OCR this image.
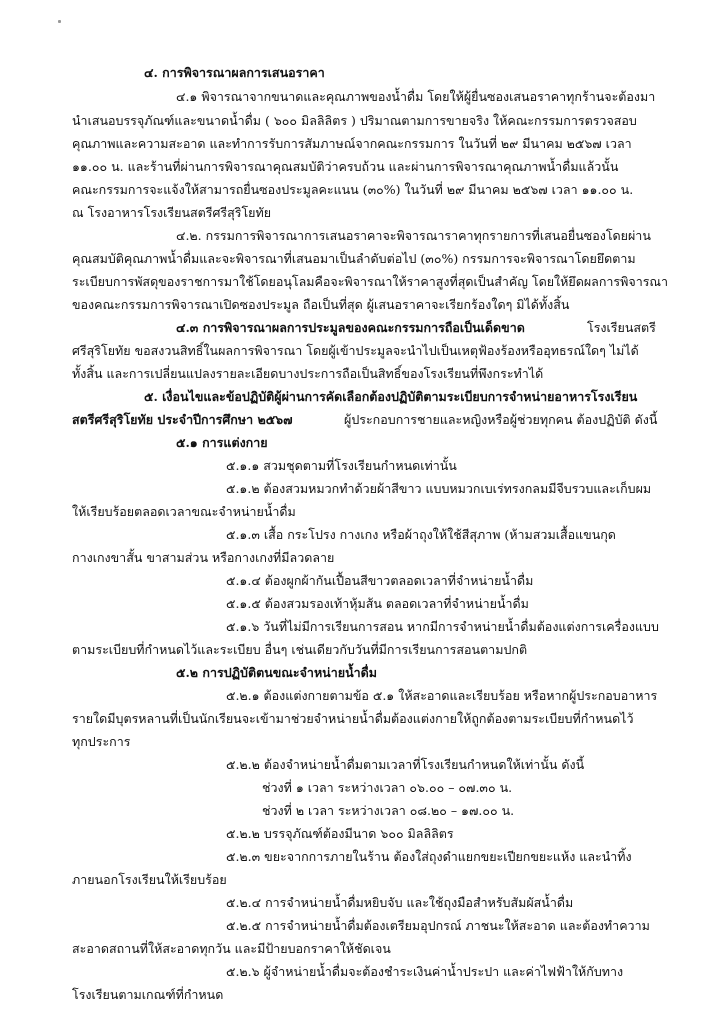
๔. การพิจารณาผลการเสนอราคา
๔.๑ พิจารณาจากขนาดและคุณภาพของน้ำดื่ม โดยให้ผู้ยื่นซองเสนอราคาทุกร้านจะต้องมา
นำเสนอบรรจุภัณฑ์และขนาดน้ำดื่ม ( ๖๐๐ มิลลิลิตร ) ปริมาณตามการขายจริง ให้คณะกรรมการตรวจสอบ
คุณภาพและความสะอาด และทำการรับการสัมภาษณ์จากคณะกรรมการ ในวันที่ ๒๙ มีนาคม ๒๕๖๗ เวลา
๑๑.๐๐ น. และร้านที่ผ่านการพิจารณาคุณสมบัติว่าครบถ้วน และผ่านการพิจารณาคุณภาพน้ำดื่มแล้วนั้น
คณะกรรมการจะแจ้งให้สามารถยื่นซองประมูลคะแนน (๓๐%) ในวันที่ ๒๙ มีนาคม ๒๕๖๗ เวลา ๑๑.๐๐ น.
ณ โรงอาหารโรงเรียนสตรีศรีสุริโยทัย
๔.๒. กรรมการพิจารณาการเสนอราคาจะพิจารณาราคาทุกรายการที่เสนอยื่นซองโดยผ่าน
คุณสมบัติคุณภาพน้ำดื่มและจะพิจารณาที่เสนอมาเป็นลำดับต่อไป (๓๐%) กรรมการจะพิจารณาโดยยึดตาม
ระเบียบการพัสดุของราชการมาใช้โดยอนุโลมคือจะพิจารณาให้ราคาสูงที่สุดเป็นสำคัญ โดยให้ยึดผลการพิจารณา
ของคณะกรรมการพิจารณาเปิดซองประมูล ถือเป็นที่สุด ผู้เสนอราคาจะเรียกร้องใดๆ มิได้ทั้งสิ้น
๔.๓ การพิจารณาผลการประมูลของคณะกรรมการถือเป็นเด็ดขาด	โรงเรียนสตรี
ศรีสุริโยทัย ขอสงวนสิทธิ์ในผลการพิจารณา โดยผู้เข้าประมูลจะนำไปเป็นเหตุฟ้องร้องหรืออุทธรณ์ใดๆ ไม่ได้
ทั้งสิ้น และการเปลี่ยนแปลงรายละเอียดบางประการถือเป็นสิทธิ์ของโรงเรียนที่พึงกระทำได้
๕. เงื่อนไขและข้อปฏิบัติผู้ผ่านการคัดเลือกต้องปฏิบัติตามระเบียบการจำหน่ายอาหารโรงเรียน
สตรีศรีสุริโยทัย ประจำปีการศึกษา ๒๕๖๗	ผู้ประกอบการชายและหญิงหรือผู้ช่วยทุกคน ต้องปฏิบัติ ดังนี้
๕.๑ การแต่งกาย
๕.๑.๑ สวมชุดตามที่โรงเรียนกำหนดเท่านั้น
๕.๑.๒ ต้องสวมหมวกทำด้วยผ้าสีขาว แบบหมวกเบเร่ทรงกลมมีจีบรวบและเก็บผม
ให้เรียบร้อยตลอดเวลาขณะจำหน่ายน้ำดื่ม
๕.๑.๓ เสื้อ กระโปรง กางเกง หรือผ้าถุงให้ใช้สีสุภาพ (ห้ามสวมเสื้อแขนกุด
กางเกงขาสั้น ขาสามส่วน หรือกางเกงที่มีลวดลาย
๕.๑.๔ ต้องผูกผ้ากันเปื้อนสีขาวตลอดเวลาที่จำหน่ายน้ำดื่ม
๕.๑.๕ ต้องสวมรองเท้าหุ้มส้น ตลอดเวลาที่จำหน่ายน้ำดื่ม
๕.๑.๖ วันที่ไม่มีการเรียนการสอน หากมีการจำหน่ายน้ำดื่มต้องแต่งการเครื่องแบบ
ตามระเบียบที่กำหนดไว้และระเบียบ อื่นๆ เช่นเดียวกับวันที่มีการเรียนการสอนตามปกติ
๕.๒ การปฏิบัติตนขณะจำหน่ายน้ำดื่ม
๕.๒.๑ ต้องแต่งกายตามข้อ ๕.๑ ให้สะอาดและเรียบร้อย หรือหากผู้ประกอบอาหาร
รายใดมีบุตรหลานที่เป็นนักเรียนจะเข้ามาช่วยจำหน่ายน้ำดื่มต้องแต่งกายให้ถูกต้องตามระเบียบที่กำหนดไว้
ทุกประการ
๕.๒.๒ ต้องจำหน่ายน้ำดื่มตามเวลาที่โรงเรียนกำหนดให้เท่านั้น ดังนี้
ช่วงที่ ๑ เวลา ระหว่างเวลา ๐๖.๐๐ – ๐๗.๓๐ น.
ช่วงที่ ๒ เวลา ระหว่างเวลา ๐๘.๒๐ – ๑๗.๐๐ น.
๕.๒.๒ บรรจุภัณฑ์ต้องมีนาด ๖๐๐ มิลลิลิตร
๕.๒.๓ ขยะจากการภายในร้าน ต้องใส่ถุงดำแยกขยะเปียกขยะแห้ง และนำทิ้ง
ภายนอกโรงเรียนให้เรียบร้อย
๕.๒.๔ การจำหน่ายน้ำดื่มหยิบจับ และใช้ถุงมือสำหรับสัมผัสน้ำดื่ม
๕.๒.๕ การจำหน่ายน้ำดื่มต้องเตรียมอุปกรณ์ ภาชนะให้สะอาด และต้องทำความ
สะอาดสถานที่ให้สะอาดทุกวัน และมีป้ายบอกราคาให้ชัดเจน
๕.๒.๖ ผู้จำหน่ายน้ำดื่มจะต้องชำระเงินค่าน้ำประปา และค่าไฟฟ้าให้กับทาง
โรงเรียนตามเกณฑ์ที่กำหนด
